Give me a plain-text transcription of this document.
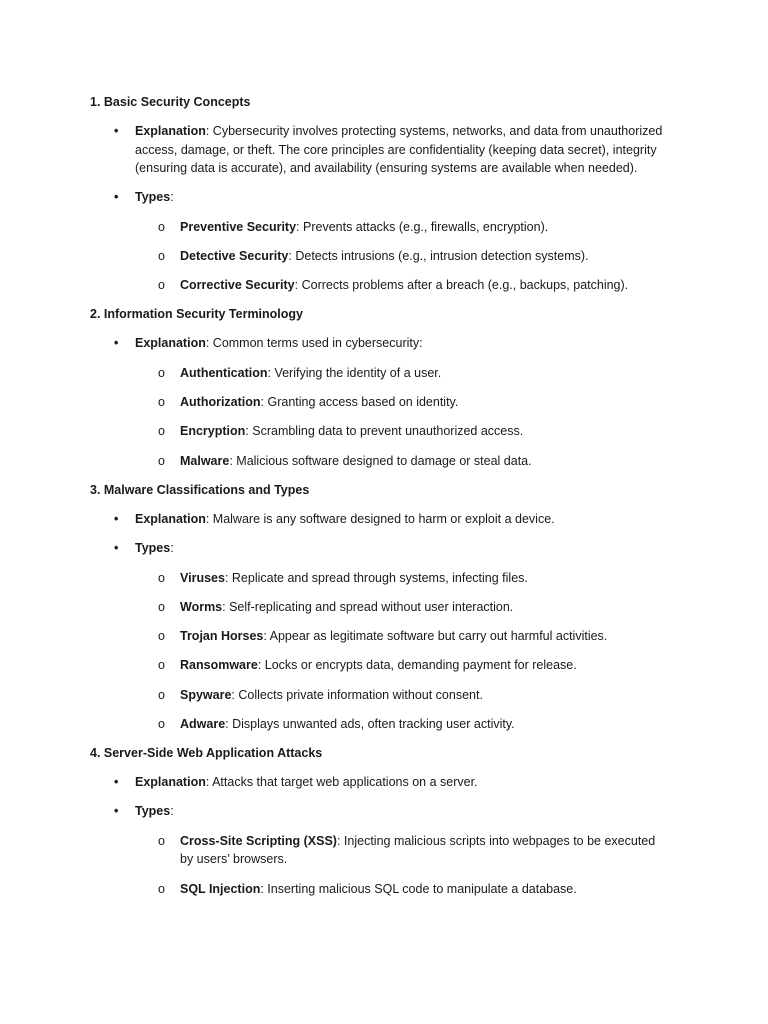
1. Basic Security Concepts
• Explanation: Cybersecurity involves protecting systems, networks, and data from unauthorized access, damage, or theft. The core principles are confidentiality (keeping data secret), integrity (ensuring data is accurate), and availability (ensuring systems are available when needed).
• Types:
o Preventive Security: Prevents attacks (e.g., firewalls, encryption).
o Detective Security: Detects intrusions (e.g., intrusion detection systems).
o Corrective Security: Corrects problems after a breach (e.g., backups, patching).
2. Information Security Terminology
• Explanation: Common terms used in cybersecurity:
o Authentication: Verifying the identity of a user.
o Authorization: Granting access based on identity.
o Encryption: Scrambling data to prevent unauthorized access.
o Malware: Malicious software designed to damage or steal data.
3. Malware Classifications and Types
• Explanation: Malware is any software designed to harm or exploit a device.
• Types:
o Viruses: Replicate and spread through systems, infecting files.
o Worms: Self-replicating and spread without user interaction.
o Trojan Horses: Appear as legitimate software but carry out harmful activities.
o Ransomware: Locks or encrypts data, demanding payment for release.
o Spyware: Collects private information without consent.
o Adware: Displays unwanted ads, often tracking user activity.
4. Server-Side Web Application Attacks
• Explanation: Attacks that target web applications on a server.
• Types:
o Cross-Site Scripting (XSS): Injecting malicious scripts into webpages to be executed by users’ browsers.
o SQL Injection: Inserting malicious SQL code to manipulate a database.
